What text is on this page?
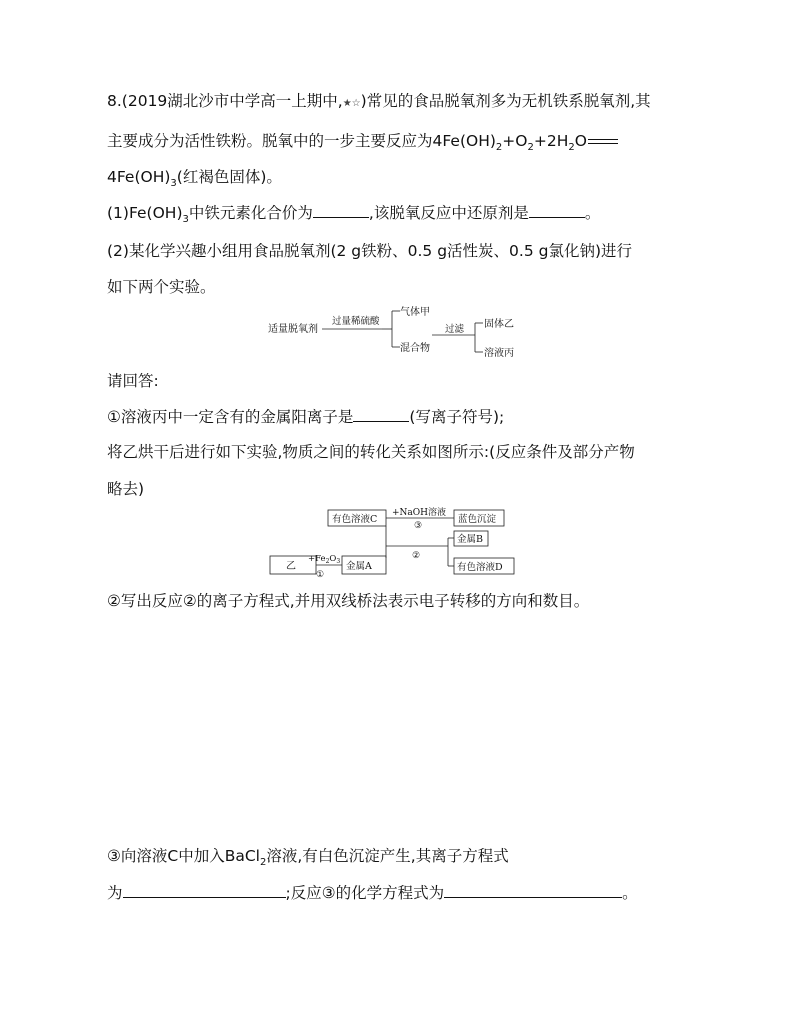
8.(2019湖北沙市中学高一上期中,★☆)常见的食品脱氧剂多为无机铁系脱氧剂,其
主要成分为活性铁粉。脱氧中的一步主要反应为$4Fe(OH)_2+O_2+2H_2O$
$4Fe(OH)_3$(红褐色固体)。
$(1)Fe(OH)_3$中铁元素化合价为	,该脱氧反应中还原剂是	。
(2)某化学兴趣小组用食品脱氧剂(2 g铁粉、0.5 g活性炭、0.5 g氯化钠)进行
如下两个实验。
适量脱氧剂
过量稀硫酸
气体甲
混合物
过滤 固体乙
溶液丙
请回答:
①溶液丙中一定含有的金属阳离子是	(写离子符号);
将乙烘干后进行如下实验,物质之间的转化关系如图所示:(反应条件及部分产物
略去)
有色溶液C
+NaOH溶液
③
蓝色沉淀
乙
$+Fe_2O_3$
①
金属A
②
金属B
有色溶液D
②写出反应②的离子方程式,并用双线桥法表示电子转移的方向和数目。
③向溶液C中加入BaCl$_2$溶液,有白色沉淀产生,其离子方程式
为	;反应③的化学方程式为	。
